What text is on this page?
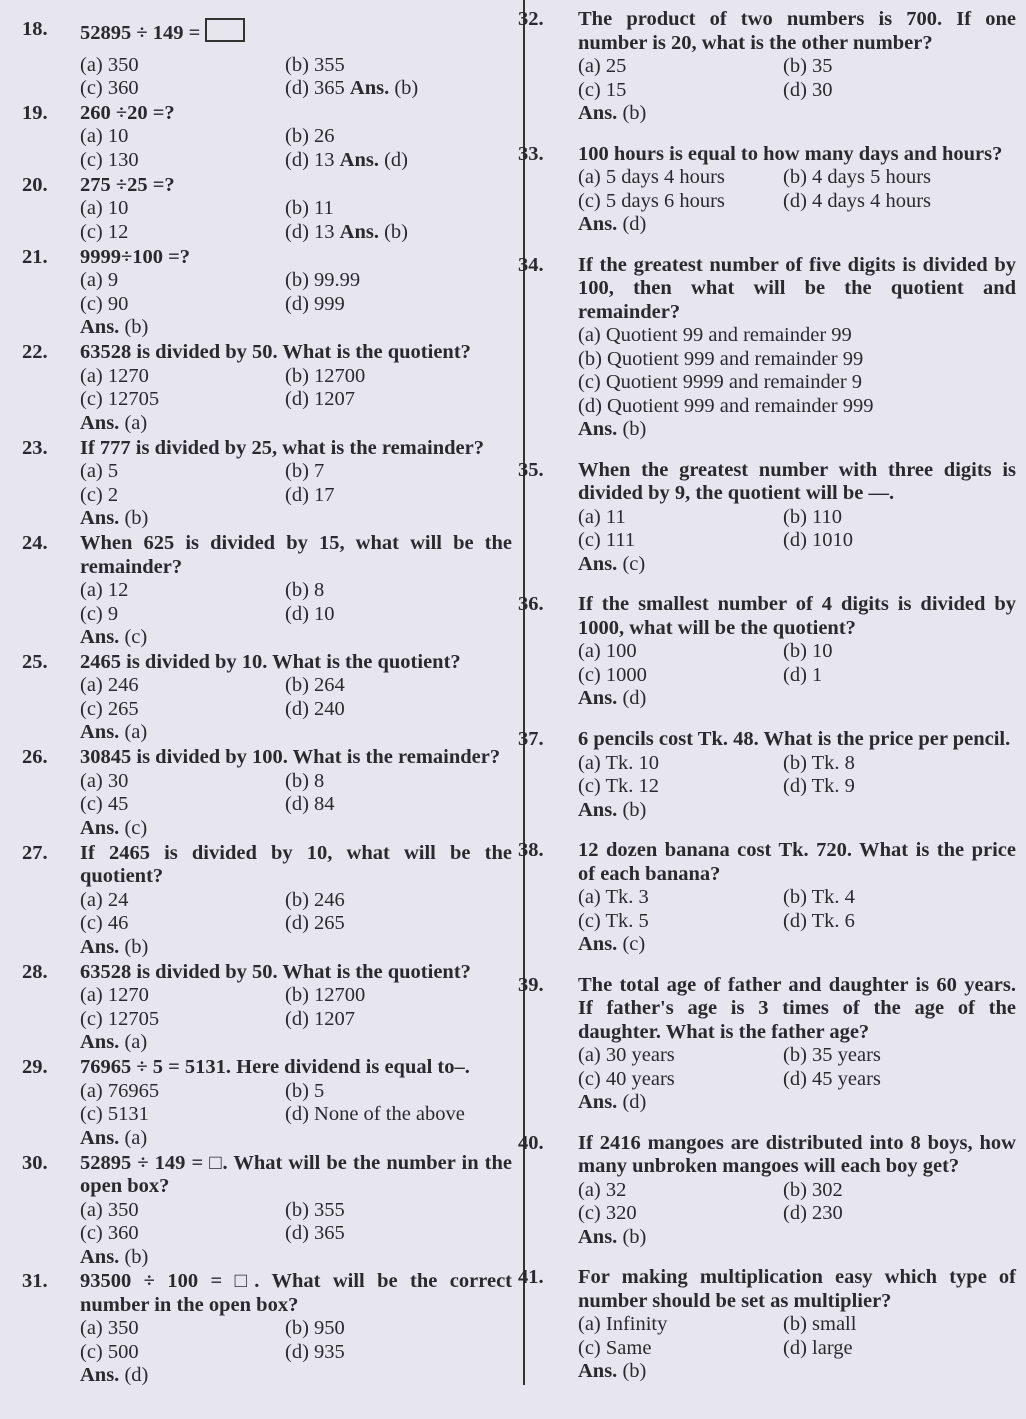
18. 52895 ÷ 149 =
(a) 350	(b) 355
(c) 360	(d) 365 Ans. (b)
19. 260 ÷20 =?
(a) 10	(b) 26
(c) 130	(d) 13 Ans. (d)
20. 275 ÷25 =?
(a) 10	(b) 11
(c) 12	(d) 13 Ans. (b)
21. 9999÷100 =?
(a) 9	(b) 99.99
(c) 90	(d) 999
Ans. (b)
22. 63528 is divided by 50. What is the quotient?
(a) 1270	(b) 12700
(c) 12705	(d) 1207
Ans. (a)
23. If 777 is divided by 25, what is the remainder?
(a) 5	(b) 7
(c) 2	(d) 17
Ans. (b)
24. When 625 is divided by 15, what will be the remainder?
(a) 12	(b) 8
(c) 9	(d) 10
Ans. (c)
25. 2465 is divided by 10. What is the quotient?
(a) 246	(b) 264
(c) 265	(d) 240
Ans. (a)
26. 30845 is divided by 100. What is the remainder?
(a) 30	(b) 8
(c) 45	(d) 84
Ans. (c)
27. If 2465 is divided by 10, what will be the quotient?
(a) 24	(b) 246
(c) 46	(d) 265
Ans. (b)
28. 63528 is divided by 50. What is the quotient?
(a) 1270	(b) 12700
(c) 12705	(d) 1207
Ans. (a)
29. 76965 ÷ 5 = 5131. Here dividend is equal to–.
(a) 76965	(b) 5
(c) 5131	(d) None of the above
Ans. (a)
30. 52895 ÷ 149 = □. What will be the number in the open box?
(a) 350	(b) 355
(c) 360	(d) 365
Ans. (b)
31. 93500 ÷ 100 = □. What will be the correct number in the open box?
(a) 350	(b) 950
(c) 500	(d) 935
Ans. (d)
32. The product of two numbers is 700. If one number is 20, what is the other number?
(a) 25	(b) 35
(c) 15	(d) 30
Ans. (b)
33. 100 hours is equal to how many days and hours?
(a) 5 days 4 hours	(b) 4 days 5 hours
(c) 5 days 6 hours	(d) 4 days 4 hours
Ans. (d)
34. If the greatest number of five digits is divided by 100, then what will be the quotient and remainder?
(a) Quotient 99 and remainder 99
(b) Quotient 999 and remainder 99
(c) Quotient 9999 and remainder 9
(d) Quotient 999 and remainder 999
Ans. (b)
35. When the greatest number with three digits is divided by 9, the quotient will be —.
(a) 11	(b) 110
(c) 111	(d) 1010
Ans. (c)
36. If the smallest number of 4 digits is divided by 1000, what will be the quotient?
(a) 100	(b) 10
(c) 1000	(d) 1
Ans. (d)
37. 6 pencils cost Tk. 48. What is the price per pencil.
(a) Tk. 10	(b) Tk. 8
(c) Tk. 12	(d) Tk. 9
Ans. (b)
38. 12 dozen banana cost Tk. 720. What is the price of each banana?
(a) Tk. 3	(b) Tk. 4
(c) Tk. 5	(d) Tk. 6
Ans. (c)
39. The total age of father and daughter is 60 years. If father's age is 3 times of the age of the daughter. What is the father age?
(a) 30 years	(b) 35 years
(c) 40 years	(d) 45 years
Ans. (d)
40. If 2416 mangoes are distributed into 8 boys, how many unbroken mangoes will each boy get?
(a) 32	(b) 302
(c) 320	(d) 230
Ans. (b)
41. For making multiplication easy which type of number should be set as multiplier?
(a) Infinity	(b) small
(c) Same	(d) large
Ans. (b)
